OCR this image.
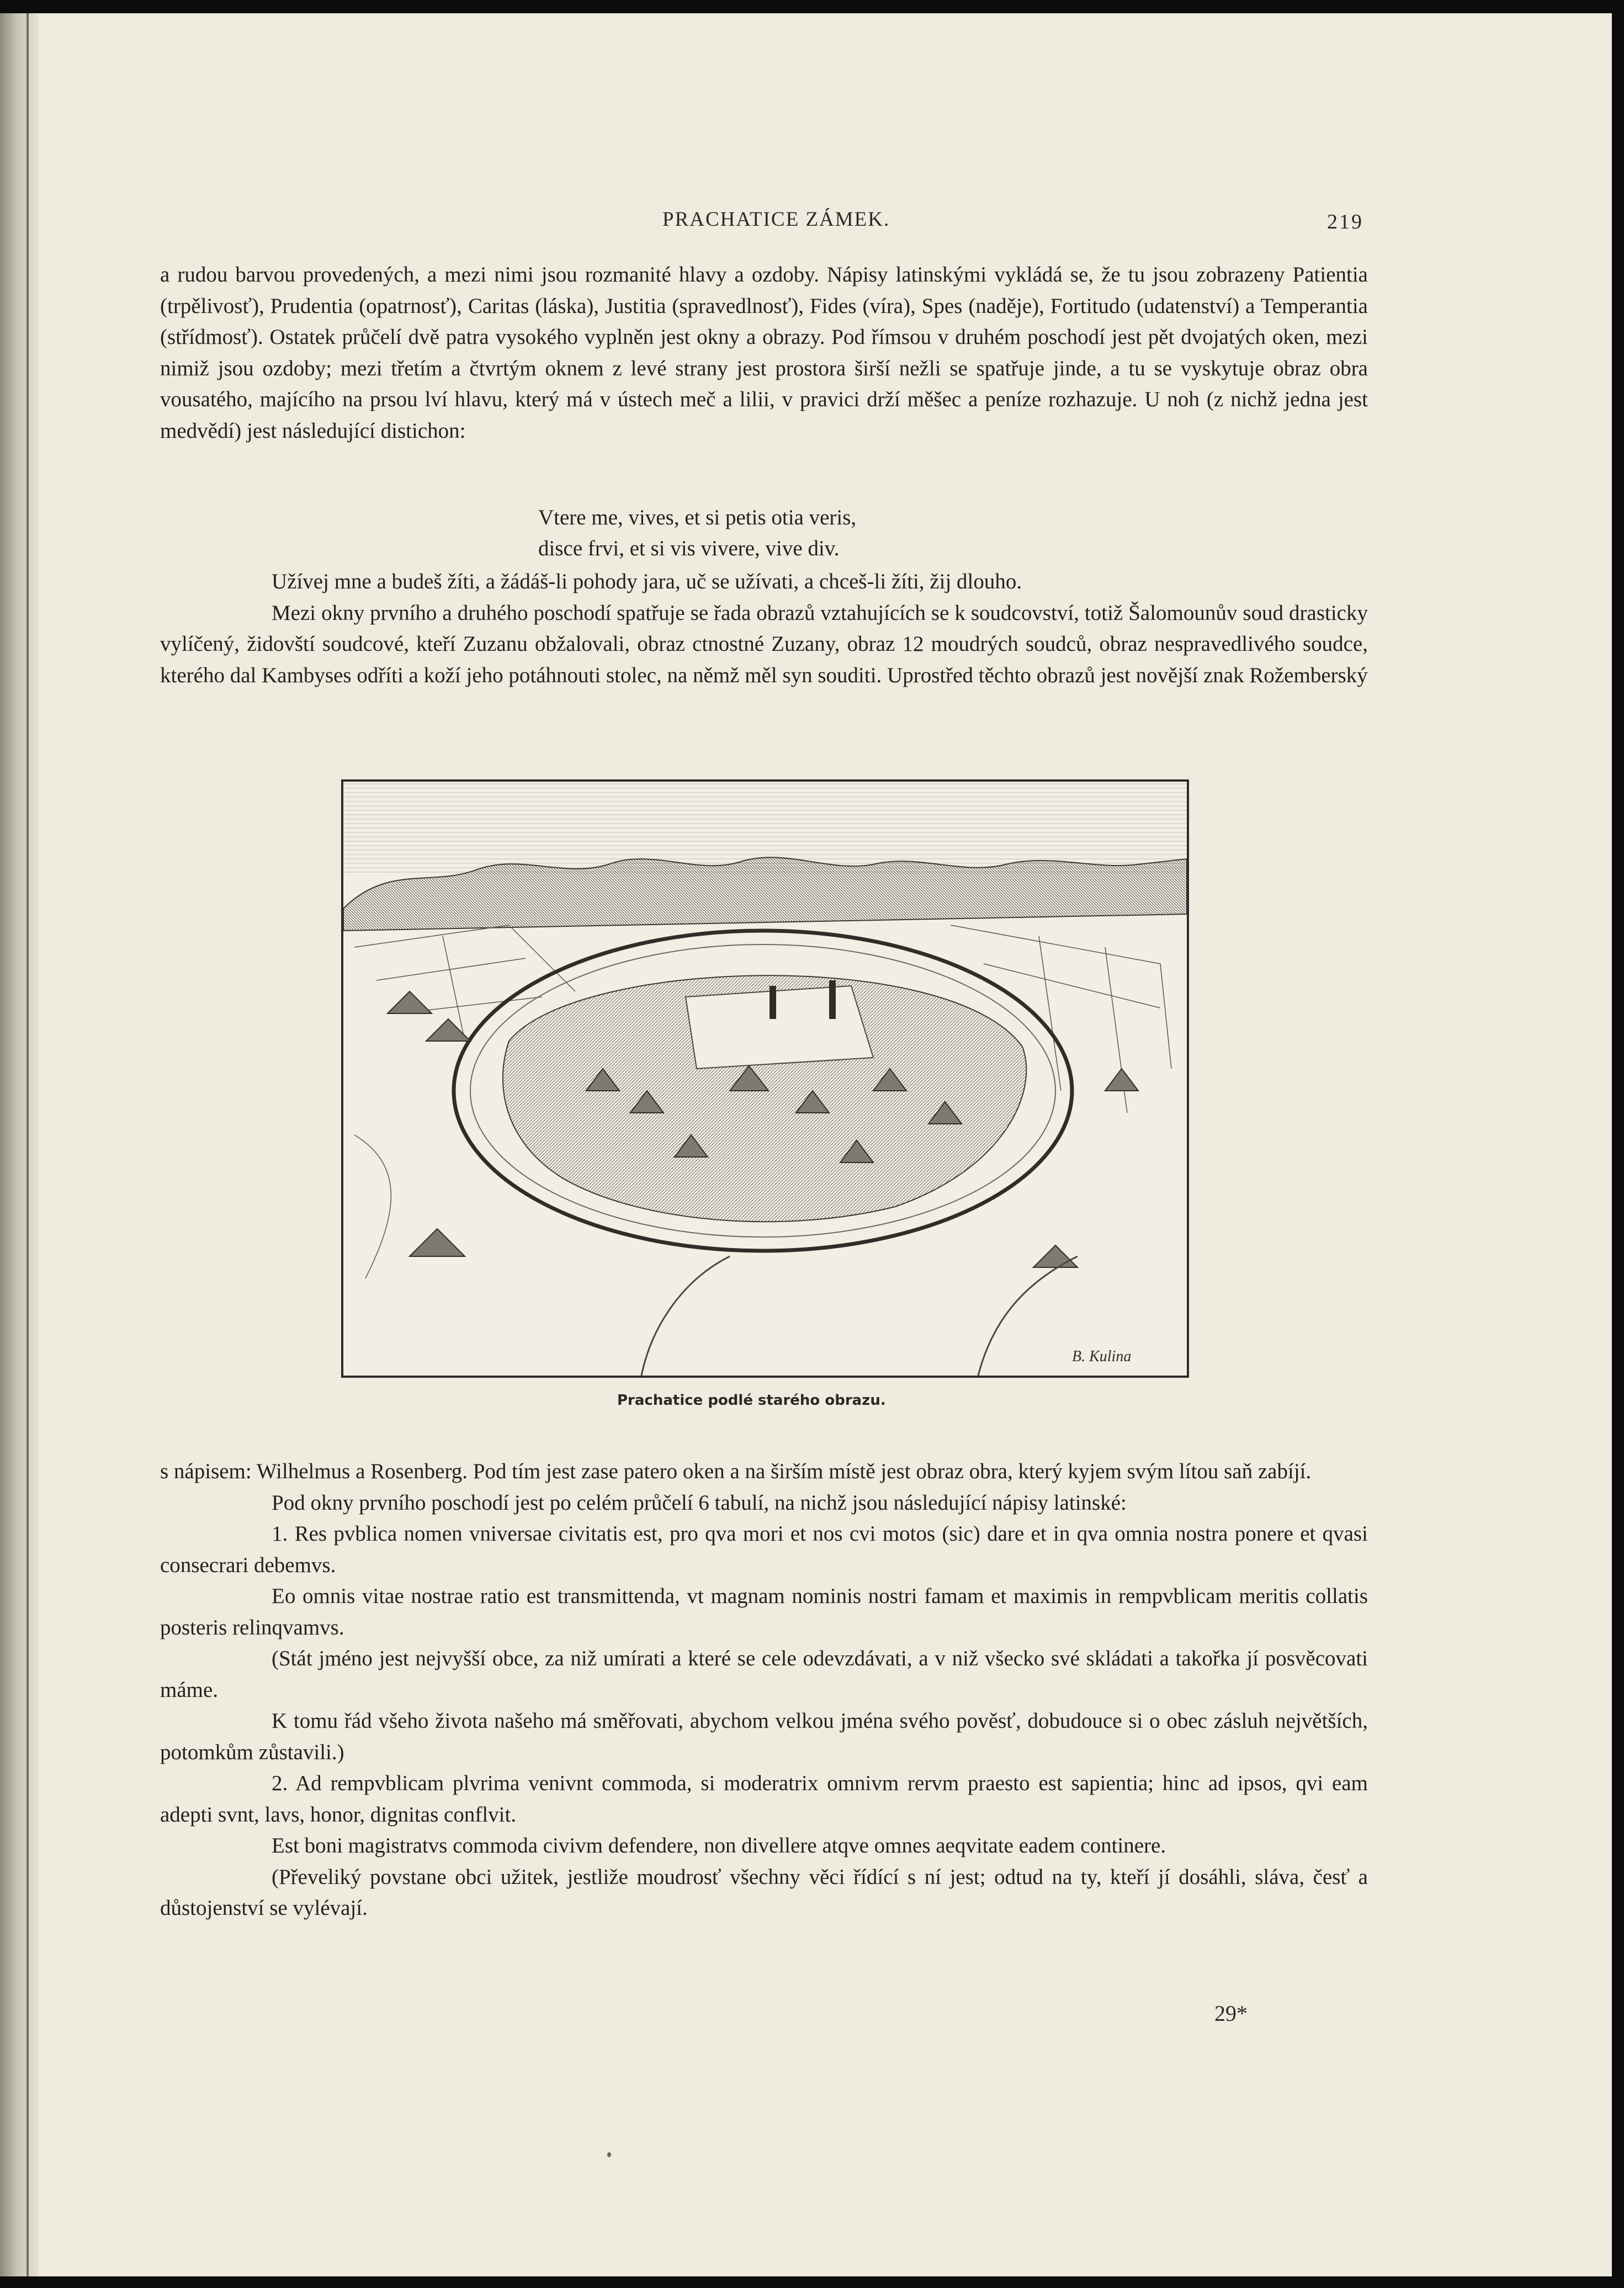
PRACHATICE ZÁMEK.	219

a rudou barvou provedených, a mezi nimi jsou rozmanité hlavy a ozdoby. Nápisy latinskými vykládá se, že tu jsou zobrazeny Patientia (trpělivosť), Prudentia (opatrnosť), Caritas (láska), Justitia (spravedlnosť), Fides (víra), Spes (naděje), Fortitudo (udatenství) a Temperantia (střídmosť). Ostatek průčelí dvě patra vysokého vyplněn jest okny a obrazy. Pod římsou v druhém poschodí jest pět dvojatých oken, mezi nimiž jsou ozdoby; mezi třetím a čtvrtým oknem z levé strany jest prostora širší nežli se spatřuje jinde, a tu se vyskytuje obraz obra vousatého, majícího na prsou lví hlavu, který má v ústech meč a lilii, v pravici drží měšec a peníze rozhazuje. U noh (z nichž jedna jest medvědí) jest následující distichon:

Vtere me, vives, et si petis otia veris,
disce frvi, et si vis vivere, vive div.

Užívej mne a budeš žíti, a žádáš-li pohody jara, uč se užívati, a chceš-li žíti, žij dlouho.

Mezi okny prvního a druhého poschodí spatřuje se řada obrazů vztahujících se k soudcovství, totiž Šalomounův soud drasticky vylíčený, židovští soudcové, kteří Zuzanu obžalovali, obraz ctnostné Zuzany, obraz 12 moudrých soudců, obraz nespravedlivého soudce, kterého dal Kambyses odříti a koží jeho potáhnouti stolec, na němž měl syn souditi. Uprostřed těchto obrazů jest novější znak Rožemberský

B. Kulina
Prachatice podlé starého obrazu.

s nápisem: Wilhelmus a Rosenberg. Pod tím jest zase patero oken a na širším místě jest obraz obra, který kyjem svým lítou saň zabíjí.

Pod okny prvního poschodí jest po celém průčelí 6 tabulí, na nichž jsou následující nápisy latinské:

1. Res pvblica nomen vniversae civitatis est, pro qva mori et nos cvi motos (sic) dare et in qva omnia nostra ponere et qvasi consecrari debemvs.

Eo omnis vitae nostrae ratio est transmittenda, vt magnam nominis nostri famam et maximis in rempvblicam meritis collatis posteris relinqvamvs.

(Stát jméno jest nejvyšší obce, za niž umírati a které se cele odevzdávati, a v niž všecko své skládati a takořka jí posvěcovati máme.

K tomu řád všeho života našeho má směřovati, abychom velkou jména svého pověsť, dobudouce si o obec zásluh největších, potomkům zůstavili.)

2. Ad rempvblicam plvrima venivnt commoda, si moderatrix omnivm rervm praesto est sapientia; hinc ad ipsos, qvi eam adepti svnt, lavs, honor, dignitas conflvit.

Est boni magistratvs commoda civivm defendere, non divellere atqve omnes aeqvitate eadem continere.

(Převeliký povstane obci užitek, jestliže moudrosť všechny věci řídící s ní jest; odtud na ty, kteří jí dosáhli, sláva, česť a důstojenství se vylévají.

29*
